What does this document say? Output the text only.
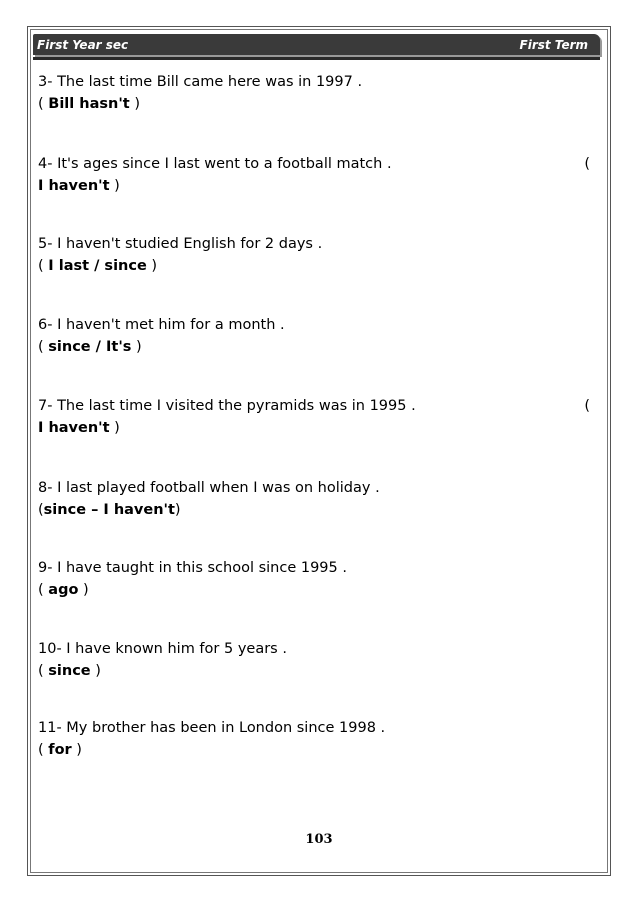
First Year sec	First Term
3- The last time Bill came here was in 1997 .
( Bill hasn't )
4- It's ages since I last went to a football match .	(
I haven't )
5- I haven't studied English for 2 days .
( I last / since )
6- I haven't met him for a month .
( since / It's )
7- The last time I visited the pyramids was in 1995 .	(
I haven't )
8- I last played football when I was on holiday .
(since – I haven't)
9- I have taught in this school since 1995 .
( ago )
10- I have known him for 5 years .
( since )
11- My brother has been in London since 1998 .
( for )
103
